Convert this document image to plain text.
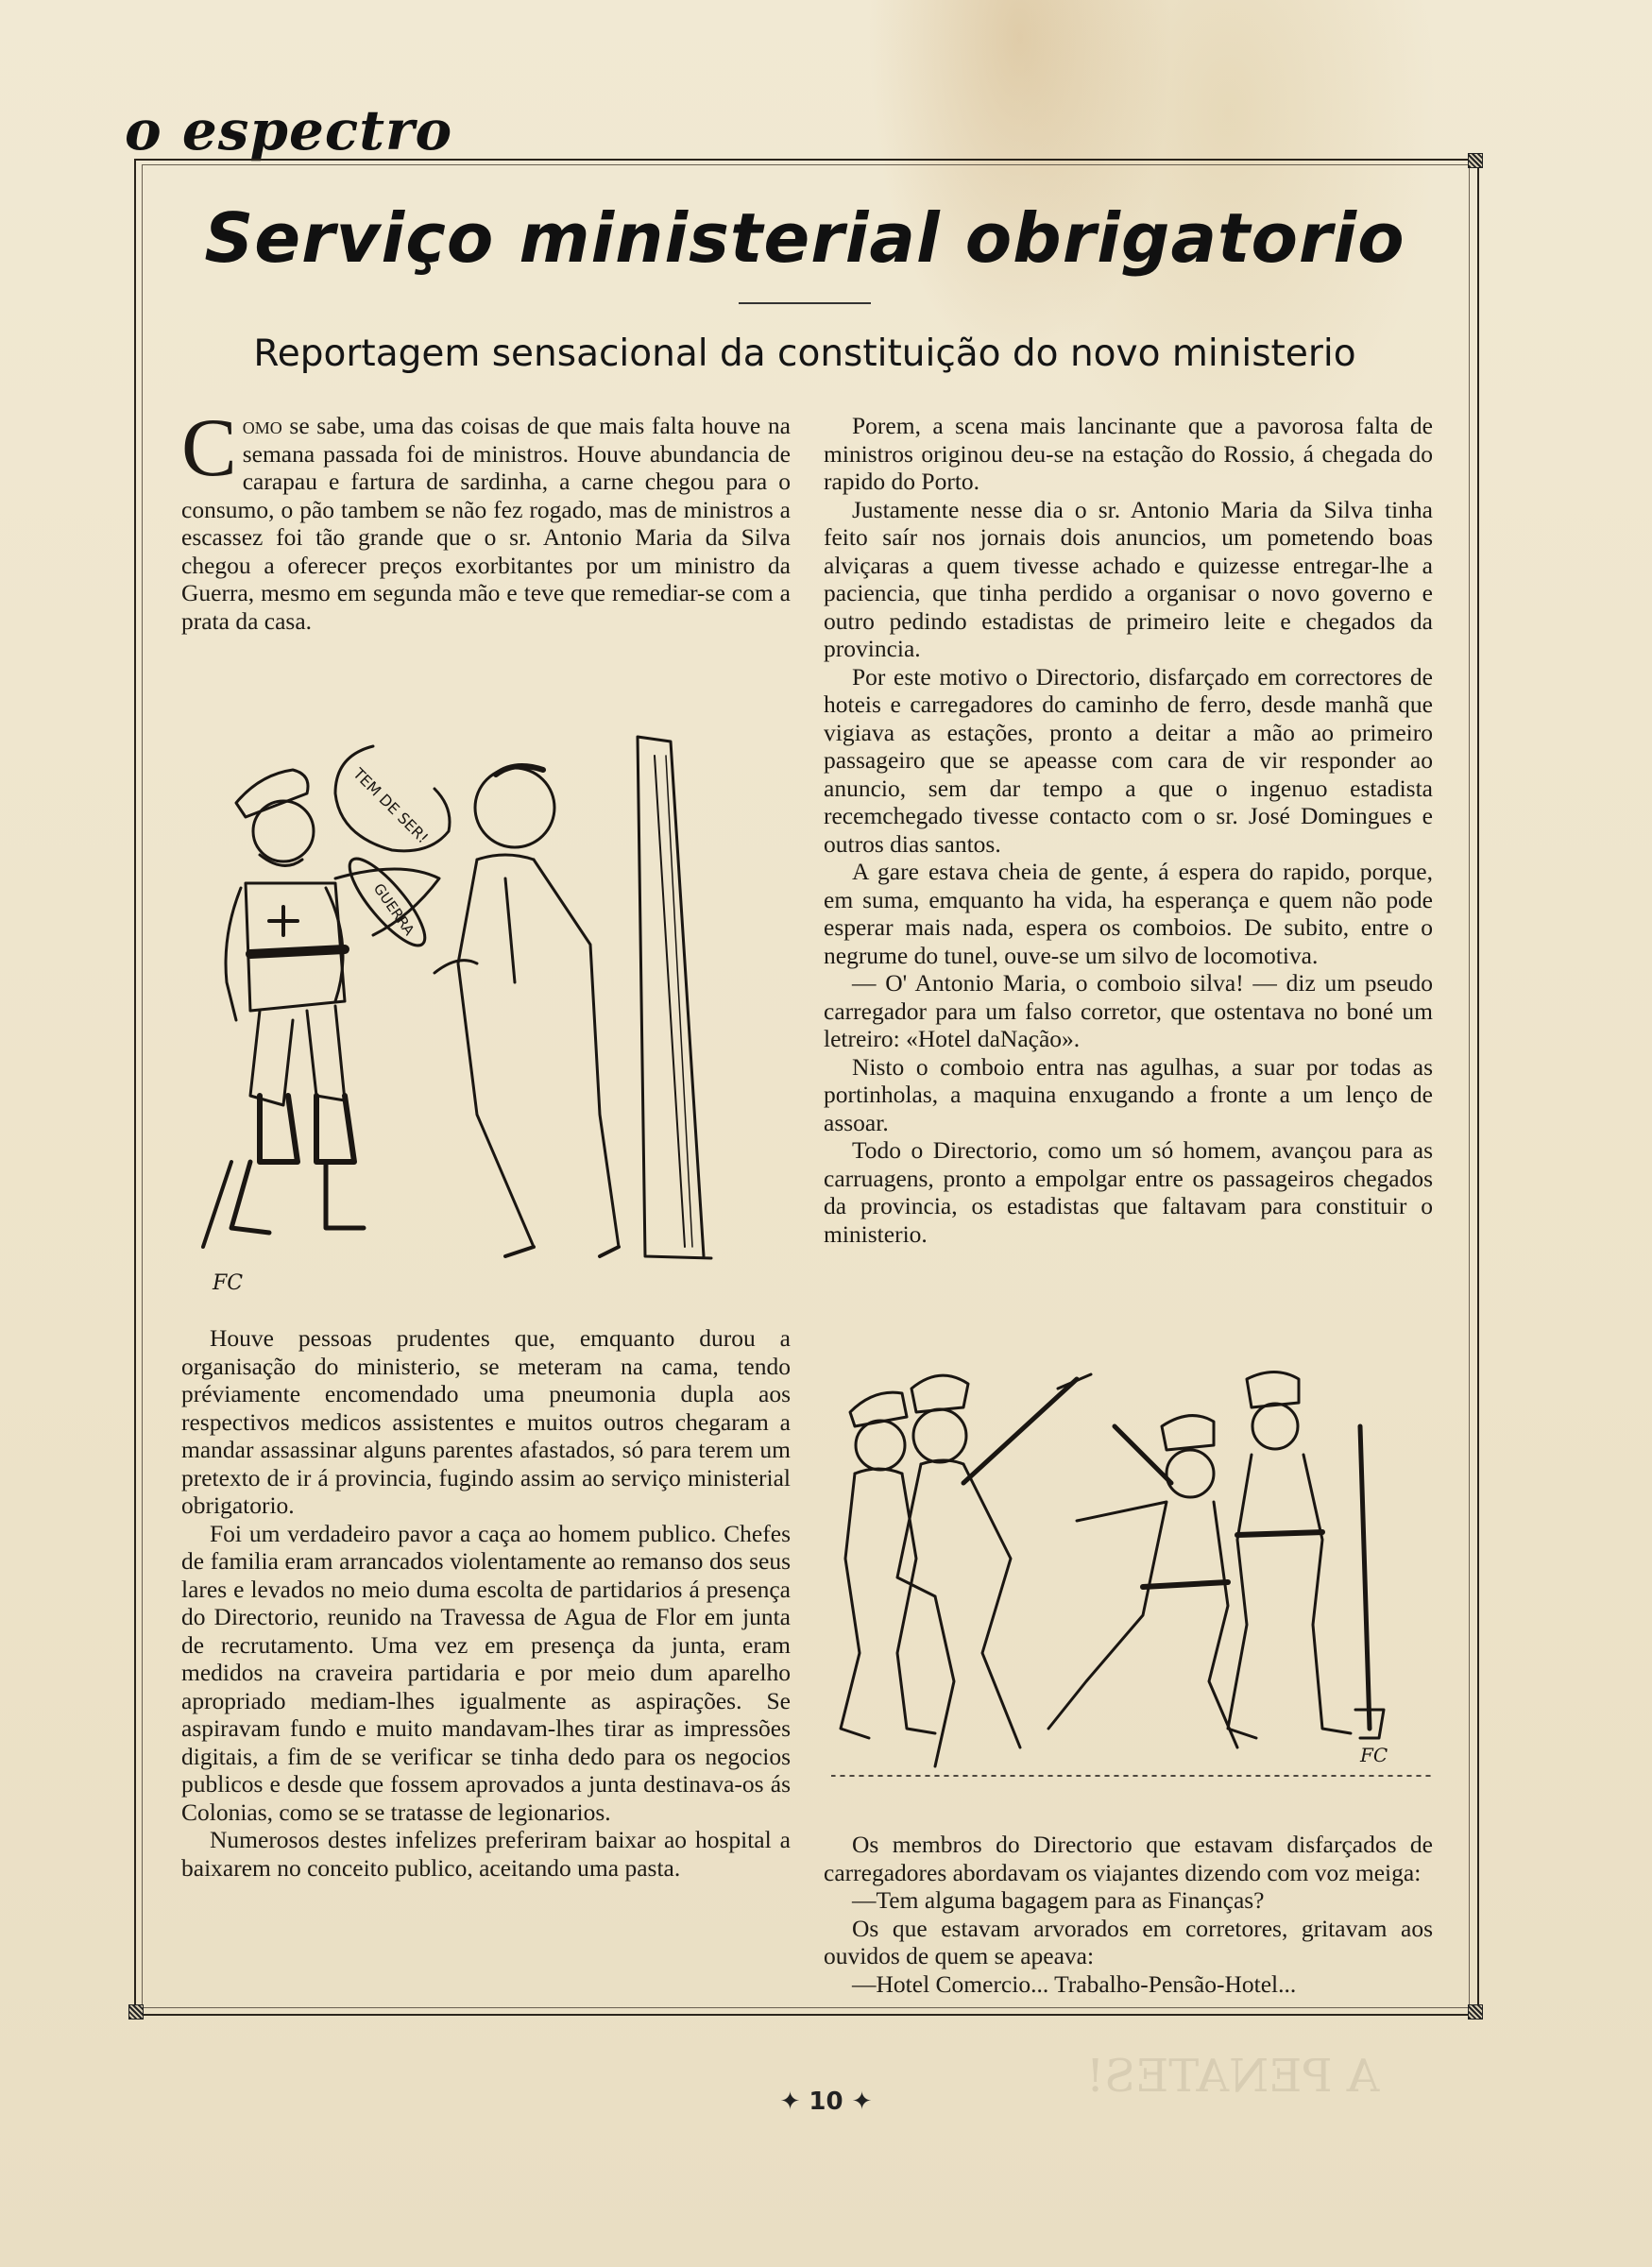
A PENATES!
o espectro
Serviço ministerial obrigatorio
Reportagem sensacional da constituição do novo ministerio

Como se sabe, uma das coisas de que mais falta houve na semana passada foi de ministros. Houve abundancia de carapau e fartura de sardinha, a carne chegou para o consumo, o pão tambem se não fez rogado, mas de ministros a escassez foi tão grande que o sr. Antonio Maria da Silva chegou a oferecer preços exorbitantes por um ministro da Guerra, mesmo em segunda mão e teve que remediar-se com a prata da casa.

TEM DE SER!
GUERRA
FC

Houve pessoas prudentes que, emquanto durou a organisação do ministerio, se meteram na cama, tendo préviamente encomendado uma pneumonia dupla aos respectivos medicos assistentes e muitos outros chegaram a mandar assassinar alguns parentes afastados, só para terem um pretexto de ir á provincia, fugindo assim ao serviço ministerial obrigatorio.

Foi um verdadeiro pavor a caça ao homem publico. Chefes de familia eram arrancados violentamente ao remanso dos seus lares e levados no meio duma escolta de partidarios á presença do Directorio, reunido na Travessa de Agua de Flor em junta de recrutamento. Uma vez em presença da junta, eram medidos na craveira partidaria e por meio dum aparelho apropriado mediam-lhes igualmente as aspirações. Se aspiravam fundo e muito mandavam-lhes tirar as impressões digitais, a fim de se verificar se tinha dedo para os negocios publicos e desde que fossem aprovados a junta destinava-os ás Colonias, como se se tratasse de legionarios.

Numerosos destes infelizes preferiram baixar ao hospital a baixarem no conceito publico, aceitando uma pasta.

Porem, a scena mais lancinante que a pavorosa falta de ministros originou deu-se na estação do Rossio, á chegada do rapido do Porto.

Justamente nesse dia o sr. Antonio Maria da Silva tinha feito saír nos jornais dois anuncios, um pometendo boas alviçaras a quem tivesse achado e quizesse entregar-lhe a paciencia, que tinha perdido a organisar o novo governo e outro pedindo estadistas de primeiro leite e chegados da provincia.

Por este motivo o Directorio, disfarçado em correctores de hoteis e carregadores do caminho de ferro, desde manhã que vigiava as estações, pronto a deitar a mão ao primeiro passageiro que se apeasse com cara de vir responder ao anuncio, sem dar tempo a que o ingenuo estadista recemchegado tivesse contacto com o sr. José Domingues e outros dias santos.

A gare estava cheia de gente, á espera do rapido, porque, em suma, emquanto ha vida, ha esperança e quem não pode esperar mais nada, espera os comboios. De subito, entre o negrume do tunel, ouve-se um silvo de locomotiva.

— O' Antonio Maria, o comboio silva! — diz um pseudo carregador para um falso corretor, que ostentava no boné um letreiro: «Hotel daNação».

Nisto o comboio entra nas agulhas, a suar por todas as portinholas, a maquina enxugando a fronte a um lenço de assoar.

Todo o Directorio, como um só homem, avançou para as carruagens, pronto a empolgar entre os passageiros chegados da provincia, os estadistas que faltavam para constituir o ministerio.

FC

Os membros do Directorio que estavam disfarçados de carregadores abordavam os viajantes dizendo com voz meiga:

—Tem alguma bagagem para as Finanças?

Os que estavam arvorados em corretores, gritavam aos ouvidos de quem se apeava:

—Hotel Comercio... Trabalho-Pensão-Hotel...

✦ 10 ✦
